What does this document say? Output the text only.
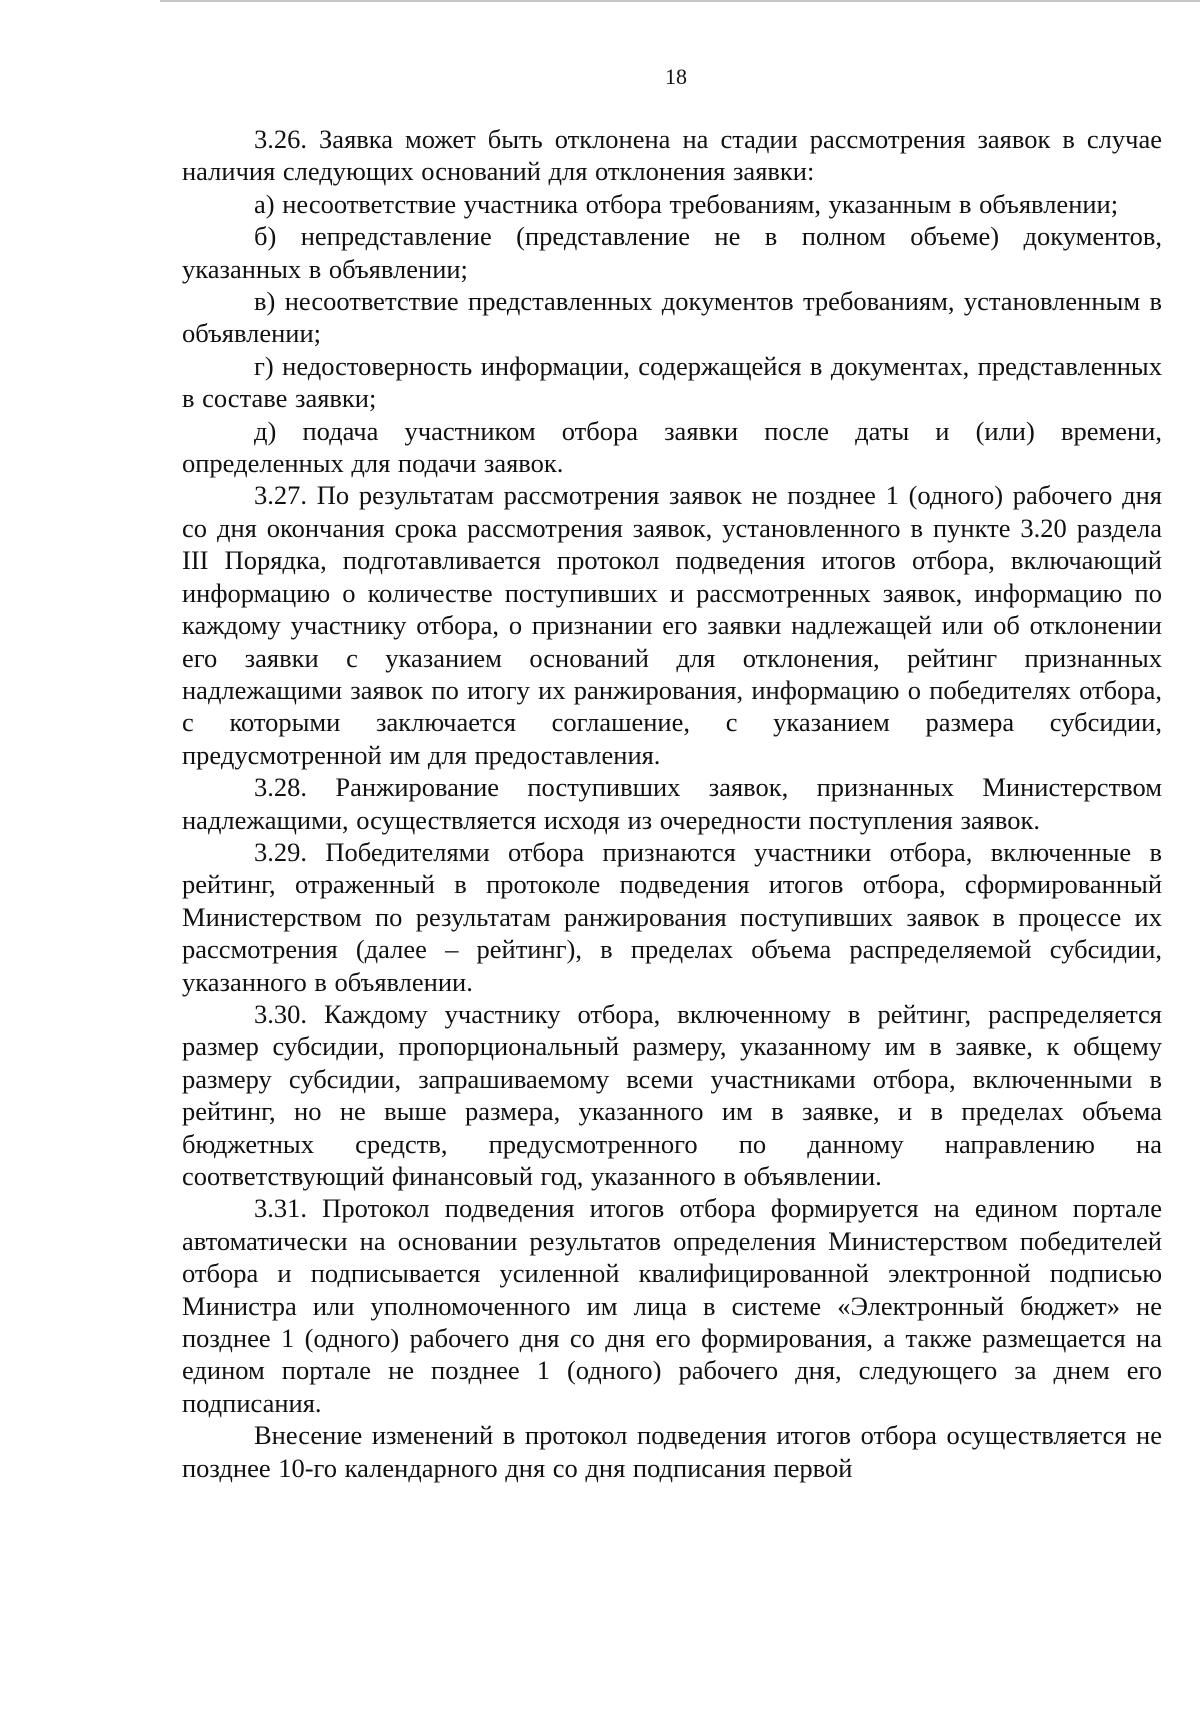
18

3.26. Заявка может быть отклонена на стадии рассмотрения заявок в случае наличия следующих оснований для отклонения заявки:

а) несоответствие участника отбора требованиям, указанным в объявлении;

б) непредставление (представление не в полном объеме) документов, указанных в объявлении;

в) несоответствие представленных документов требованиям, установленным в объявлении;

г) недостоверность информации, содержащейся в документах, представленных в составе заявки;

д) подача участником отбора заявки после даты и (или) времени, определенных для подачи заявок.

3.27. По результатам рассмотрения заявок не позднее 1 (одного) рабочего дня со дня окончания срока рассмотрения заявок, установленного в пункте 3.20 раздела III Порядка, подготавливается протокол подведения итогов отбора, включающий информацию о количестве поступивших и рассмотренных заявок, информацию по каждому участнику отбора, о признании его заявки надлежащей или об отклонении его заявки с указанием оснований для отклонения, рейтинг признанных надлежащими заявок по итогу их ранжирования, информацию о победителях отбора, с которыми заключается соглашение, с указанием размера субсидии, предусмотренной им для предоставления.

3.28. Ранжирование поступивших заявок, признанных Министерством надлежащими, осуществляется исходя из очередности поступления заявок.

3.29. Победителями отбора признаются участники отбора, включенные в рейтинг, отраженный в протоколе подведения итогов отбора, сформированный Министерством по результатам ранжирования поступивших заявок в процессе их рассмотрения (далее – рейтинг), в пределах объема распределяемой субсидии, указанного в объявлении.

3.30. Каждому участнику отбора, включенному в рейтинг, распределяется размер субсидии, пропорциональный размеру, указанному им в заявке, к общему размеру субсидии, запрашиваемому всеми участниками отбора, включенными в рейтинг, но не выше размера, указанного им в заявке, и в пределах объема бюджетных средств, предусмотренного по данному направлению на соответствующий финансовый год, указанного в объявлении.

3.31. Протокол подведения итогов отбора формируется на едином портале автоматически на основании результатов определения Министерством победителей отбора и подписывается усиленной квалифицированной электронной подписью Министра или уполномоченного им лица в системе «Электронный бюджет» не позднее 1 (одного) рабочего дня со дня его формирования, а также размещается на едином портале не позднее 1 (одного) рабочего дня, следующего за днем его подписания.

Внесение изменений в протокол подведения итогов отбора осуществляется не позднее 10-го календарного дня со дня подписания первой
